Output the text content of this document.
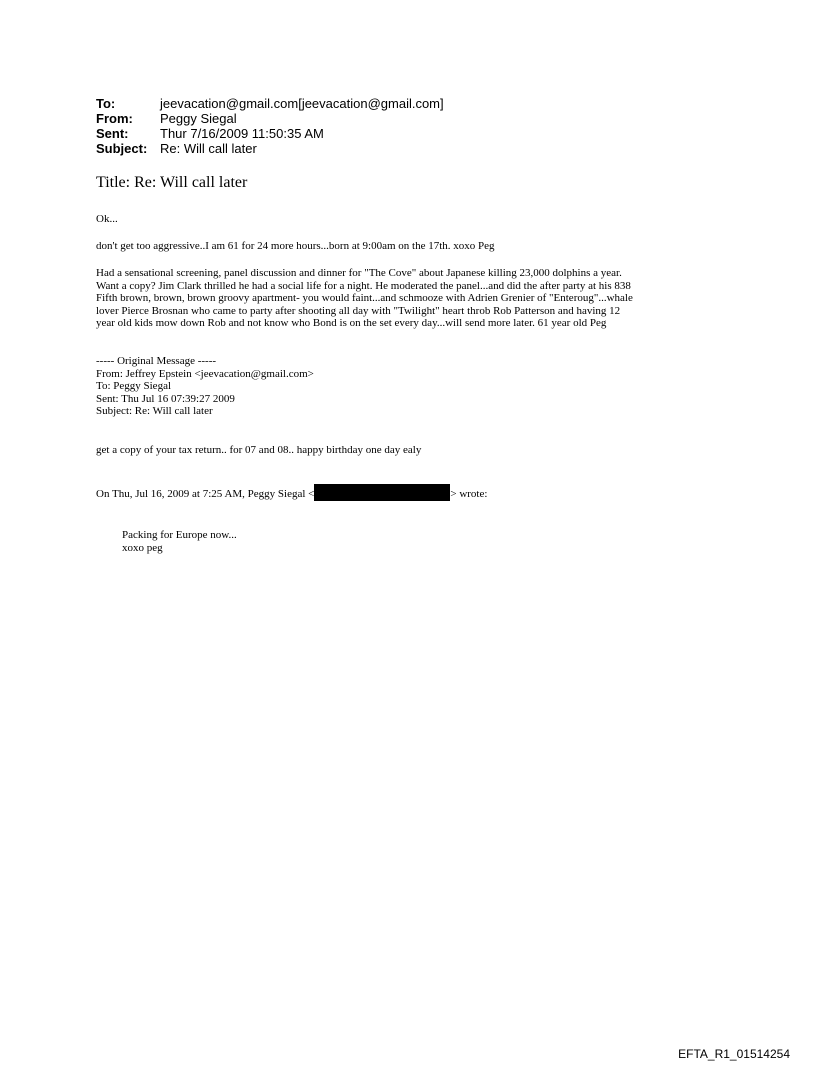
To:	jeevacation@gmail.com[jeevacation@gmail.com]
From:	Peggy Siegal
Sent:	Thur 7/16/2009 11:50:35 AM
Subject: Re: Will call later
Title: Re: Will call later
Ok...
don't get too aggressive..I am 61 for 24 more hours...born at 9:00am on the 17th. xoxo Peg
Had a sensational screening, panel discussion and dinner for "The Cove" about Japanese killing 23,000 dolphins a year.
Want a copy? Jim Clark thrilled he had a social life for a night. He moderated the panel...and did the after party at his 838
Fifth brown, brown, brown groovy apartment- you would faint...and schmooze with Adrien Grenier of "Enteroug"...whale
lover Pierce Brosnan who came to party after shooting all day with "Twilight" heart throb Rob Patterson and having 12
year old kids mow down Rob and not know who Bond is on the set every day...will send more later. 61 year old Peg
----- Original Message -----
From: Jeffrey Epstein <jeevacation@gmail.com>
To: Peggy Siegal
Sent: Thu Jul 16 07:39:27 2009
Subject: Re: Will call later
get a copy of your tax return.. for 07 and 08.. happy birthday one day ealy
On Thu, Jul 16, 2009 at 7:25 AM, Peggy Siegal <	> wrote:
Packing for Europe now...
xoxo peg
EFTA_R1_01514254
